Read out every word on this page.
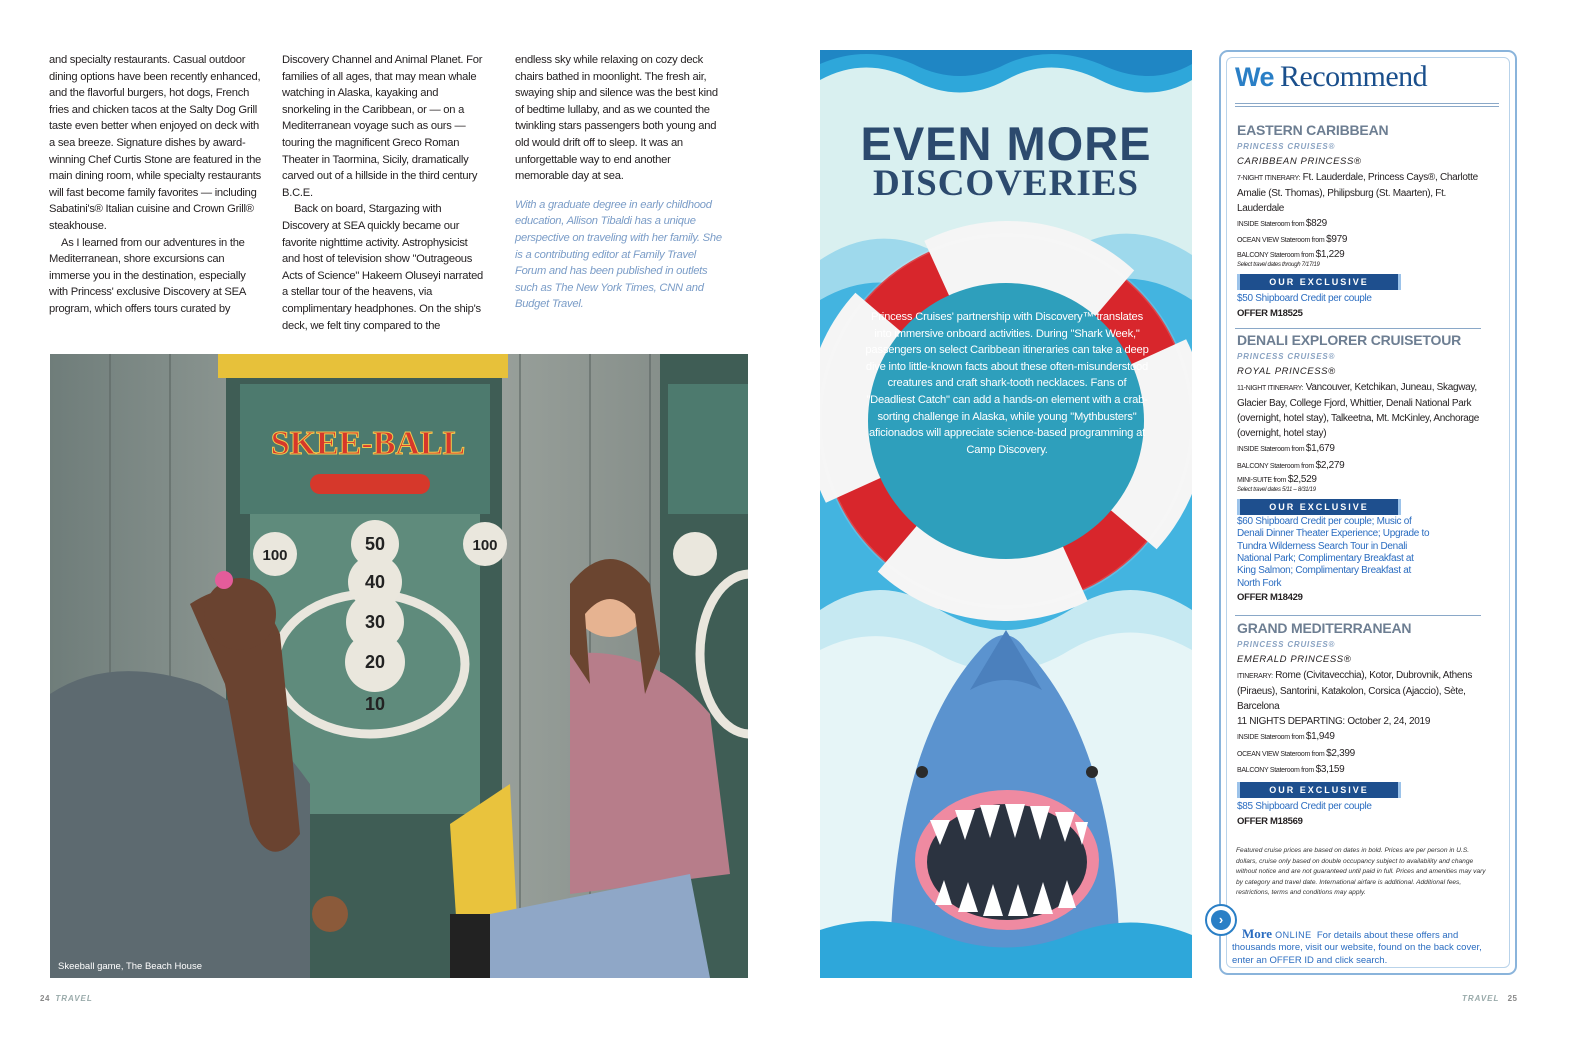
and specialty restaurants. Casual outdoor dining options have been recently enhanced, and the flavorful burgers, hot dogs, French fries and chicken tacos at the Salty Dog Grill taste even better when enjoyed on deck with a sea breeze. Signature dishes by award-winning Chef Curtis Stone are featured in the main dining room, while specialty restaurants will fast become family favorites — including Sabatini's® Italian cuisine and Crown Grill® steakhouse.

As I learned from our adventures in the Mediterranean, shore excursions can immerse you in the destination, especially with Princess' exclusive Discovery at SEA program, which offers tours curated by

Discovery Channel and Animal Planet. For families of all ages, that may mean whale watching in Alaska, kayaking and snorkeling in the Caribbean, or — on a Mediterranean voyage such as ours — touring the magnificent Greco Roman Theater in Taormina, Sicily, dramatically carved out of a hillside in the third century B.C.E.

Back on board, Stargazing with Discovery at SEA quickly became our favorite nighttime activity. Astrophysicist and host of television show "Outrageous Acts of Science" Hakeem Oluseyi narrated a stellar tour of the heavens, via complimentary headphones. On the ship's deck, we felt tiny compared to the

endless sky while relaxing on cozy deck chairs bathed in moonlight. The fresh air, swaying ship and silence was the best kind of bedtime lullaby, and as we counted the twinkling stars passengers both young and old would drift off to sleep. It was an unforgettable way to end another memorable day at sea.

With a graduate degree in early childhood education, Allison Tibaldi has a unique perspective on traveling with her family. She is a contributing editor at Family Travel Forum and has been published in outlets such as The New York Times, CNN and Budget Travel.

50
40
30
20
10
100
100
SKEE-BALL
Skeeball game, The Beach House
24 TRAVEL	TRAVEL 25
EVEN MORE
DISCOVERIES
Princess Cruises' partnership with Discovery™ translates into immersive onboard activities. During "Shark Week," passengers on select Caribbean itineraries can take a deep dive into little-known facts about these often-misunderstood creatures and craft shark-tooth necklaces. Fans of "Deadliest Catch" can add a hands-on element with a crab-sorting challenge in Alaska, while young "Mythbusters" aficionados will appreciate science-based programming at Camp Discovery.
We Recommend
EASTERN CARIBBEAN

PRINCESS CRUISES®

CARIBBEAN PRINCESS®

7-NIGHT ITINERARY: Ft. Lauderdale, Princess Cays®, Charlotte Amalie (St. Thomas), Philipsburg (St. Maarten), Ft. Lauderdale

INSIDE Stateroom from $829

OCEAN VIEW Stateroom from $979

BALCONY Stateroom from $1,229

Select travel dates through 7/17/19

OUR EXCLUSIVE

$50 Shipboard Credit per couple

OFFER M18525

DENALI EXPLORER CRUISETOUR

PRINCESS CRUISES®

ROYAL PRINCESS®

11-NIGHT ITINERARY: Vancouver, Ketchikan, Juneau, Skagway, Glacier Bay, College Fjord, Whittier, Denali National Park (overnight, hotel stay), Talkeetna, Mt. McKinley, Anchorage (overnight, hotel stay)

INSIDE Stateroom from $1,679

BALCONY Stateroom from $2,279

MINI-SUITE from $2,529

Select travel dates 5/11 – 8/31/19

OUR EXCLUSIVE

$60 Shipboard Credit per couple; Music of Denali Dinner Theater Experience; Upgrade to Tundra Wilderness Search Tour in Denali National Park; Complimentary Breakfast at King Salmon; Complimentary Breakfast at North Fork

OFFER M18429

GRAND MEDITERRANEAN

PRINCESS CRUISES®

EMERALD PRINCESS®

ITINERARY: Rome (Civitavecchia), Kotor, Dubrovnik, Athens (Piraeus), Santorini, Katakolon, Corsica (Ajaccio), Sète, Barcelona

11 NIGHTS DEPARTING: October 2, 24, 2019

INSIDE Stateroom from $1,949

OCEAN VIEW Stateroom from $2,399

BALCONY Stateroom from $3,159

OUR EXCLUSIVE

$85 Shipboard Credit per couple

OFFER M18569

Featured cruise prices are based on dates in bold. Prices are per person in U.S. dollars, cruise only based on double occupancy subject to availability and change without notice and are not guaranteed until paid in full. Prices and amenities may vary by category and travel date. International airfare is additional. Additional fees, restrictions, terms and conditions may apply.
›
More ONLINE For details about these offers and thousands more, visit our website, found on the back cover, enter an OFFER ID and click search.
